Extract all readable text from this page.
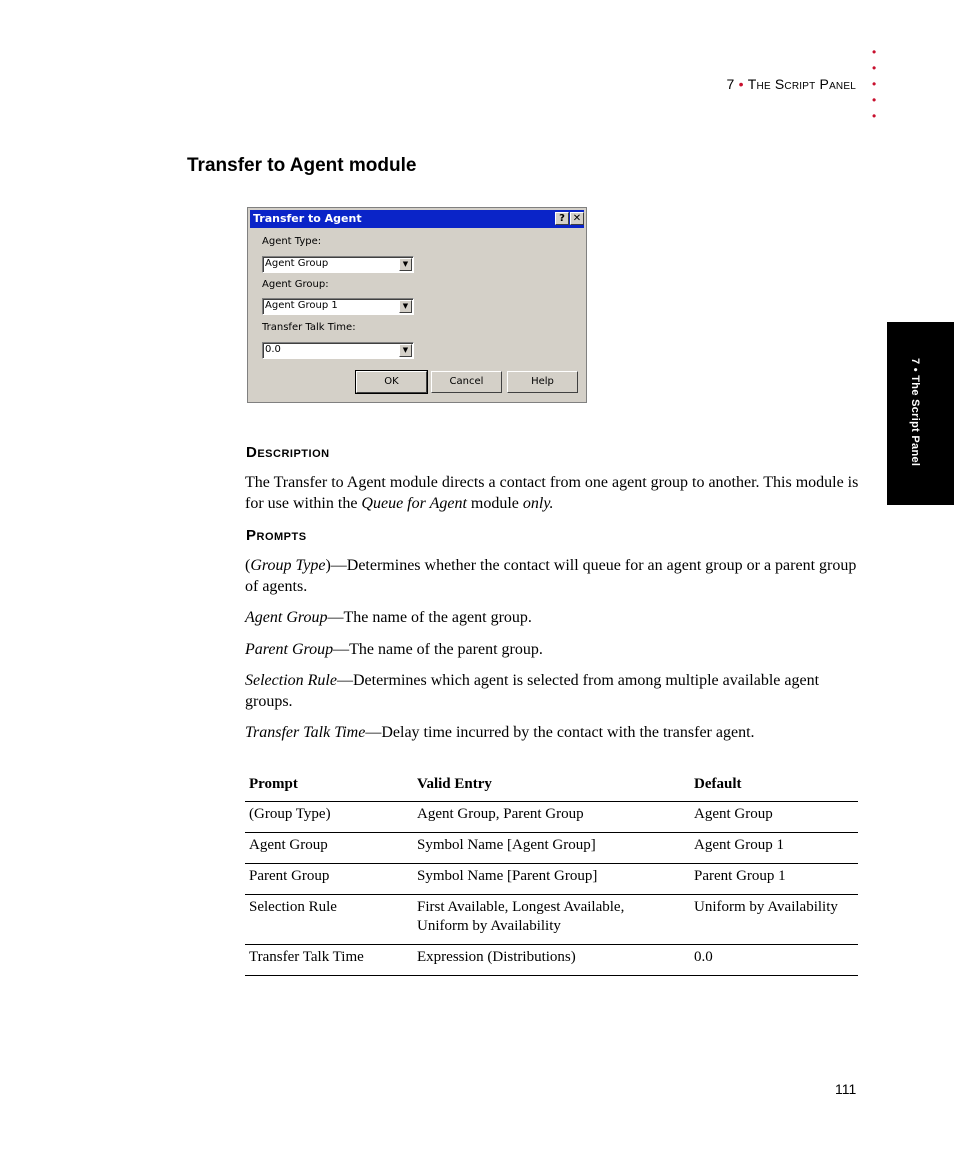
•
•
•
•
•
7 • The Script Panel
7 • The Script Panel
Transfer to Agent module
Transfer to Agent	? ✕
Agent Type:
Agent Group	▼
Agent Group:
Agent Group 1	▼
Transfer Talk Time:
0.0	▼
OK	Cancel	Help
Description
The Transfer to Agent module directs a contact from one agent group to another. This module is for use within the Queue for Agent module only.
Prompts
(Group Type)—Determines whether the contact will queue for an agent group or a parent group of agents.
Agent Group—The name of the agent group.
Parent Group—The name of the parent group.
Selection Rule—Determines which agent is selected from among multiple available agent groups.
Transfer Talk Time—Delay time incurred by the contact with the transfer agent.
Prompt	Valid Entry	Default
(Group Type)	Agent Group, Parent Group	Agent Group
Agent Group	Symbol Name [Agent Group]	Agent Group 1
Parent Group	Symbol Name [Parent Group]	Parent Group 1
Selection Rule	First Available, Longest Available, Uniform by Availability	Uniform by Availability
Transfer Talk Time	Expression (Distributions)	0.0
111
